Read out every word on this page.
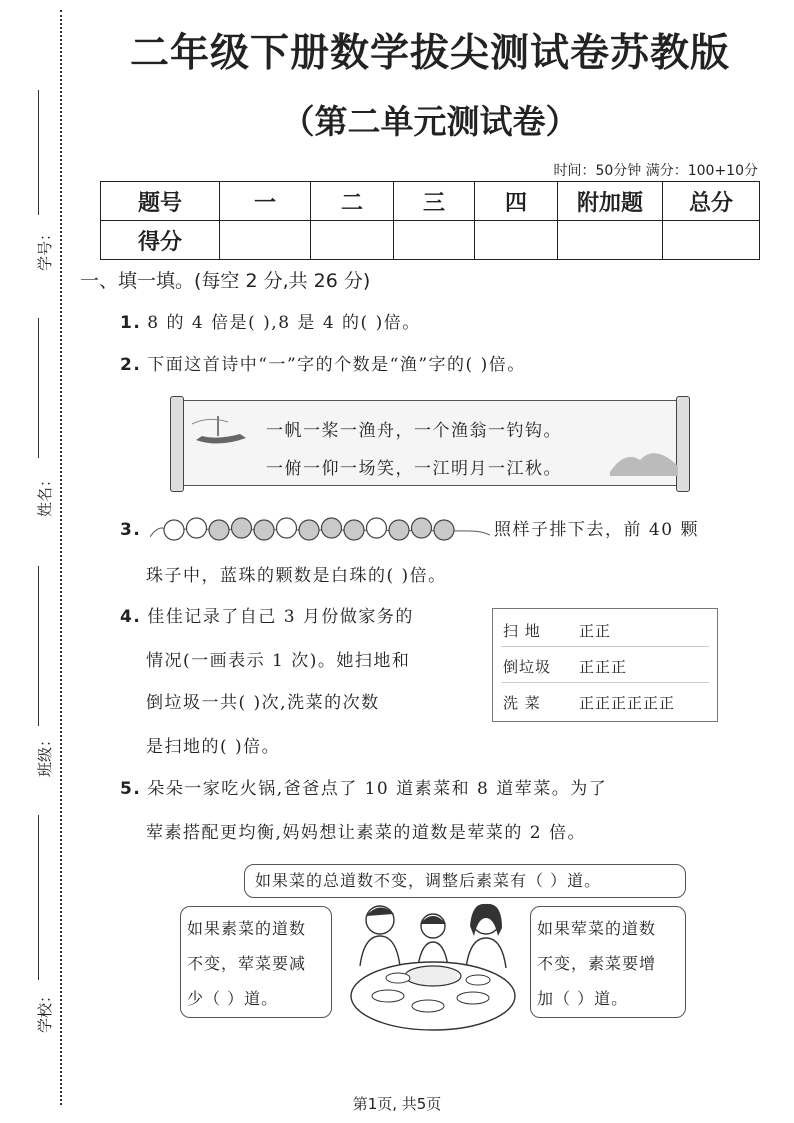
学号：
姓名：
班级：
学校：
二年级下册数学拔尖测试卷苏教版
（第二单元测试卷）
时间：50分钟 满分：100+10分
题号	一	二	三	四	附加题	总分
得分						
一、填一填。(每空 2 分,共 26 分)
1. 8 的 4 倍是( ),8 是 4 的( )倍。
2. 下面这首诗中“一”字的个数是“渔”字的( )倍。
一帆一桨一渔舟，一个渔翁一钓钩。
一俯一仰一场笑，一江明月一江秋。
3.	照样子排下去，前 40 颗
珠子中，蓝珠的颗数是白珠的( )倍。
4. 佳佳记录了自己 3 月份做家务的
情况(一画表示 1 次)。她扫地和
倒垃圾一共( )次,洗菜的次数
是扫地的( )倍。
扫 地	正正
倒垃圾 正正正
洗 菜	正正正正正正
5. 朵朵一家吃火锅,爸爸点了 10 道素菜和 8 道荤菜。为了
荤素搭配更均衡,妈妈想让素菜的道数是荤菜的 2 倍。
如果菜的总道数不变，调整后素菜有（ ）道。
如果素菜的道数
不变，荤菜要减
少（ ）道。
如果荤菜的道数
不变，素菜要增
加（ ）道。
第1页, 共5页
